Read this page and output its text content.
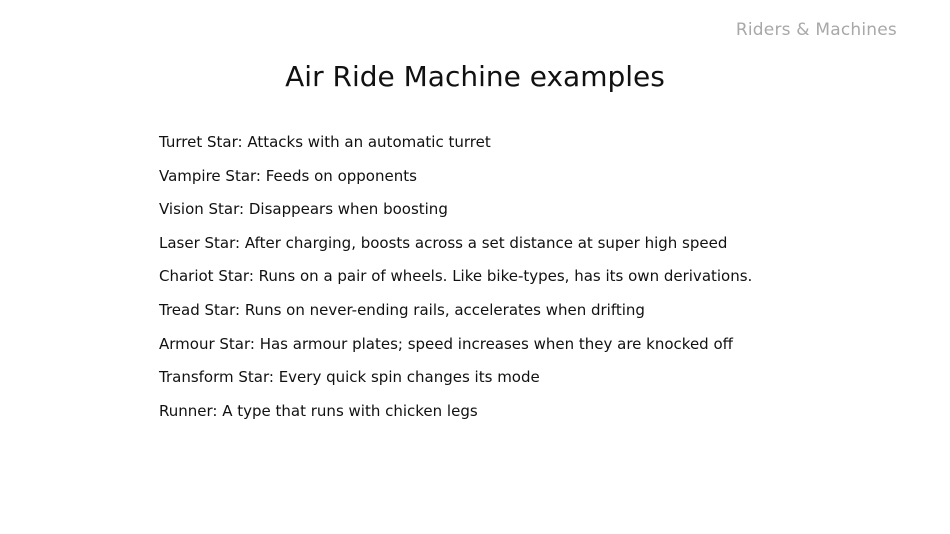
Riders & Machines
Air Ride Machine examples
Turret Star: Attacks with an automatic turret
Vampire Star: Feeds on opponents
Vision Star: Disappears when boosting
Laser Star: After charging, boosts across a set distance at super high speed
Chariot Star: Runs on a pair of wheels. Like bike-types, has its own derivations.
Tread Star: Runs on never-ending rails, accelerates when drifting
Armour Star: Has armour plates; speed increases when they are knocked off
Transform Star: Every quick spin changes its mode
Runner: A type that runs with chicken legs
